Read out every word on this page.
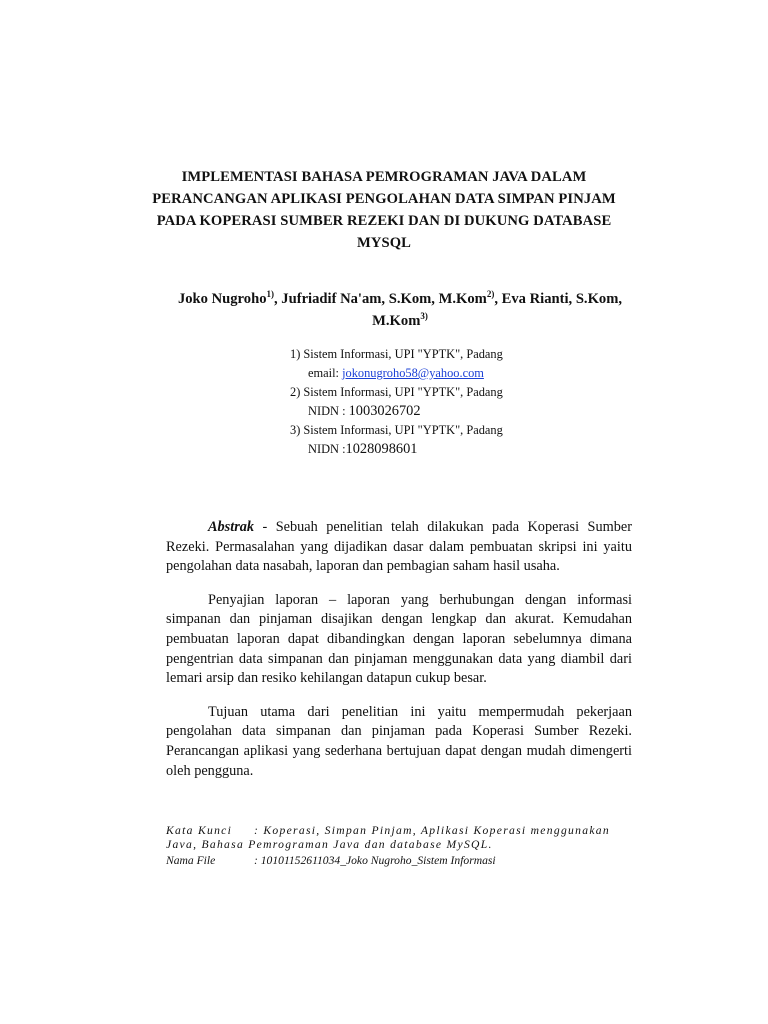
IMPLEMENTASI BAHASA PEMROGRAMAN JAVA DALAM
PERANCANGAN APLIKASI PENGOLAHAN DATA SIMPAN PINJAM
PADA KOPERASI SUMBER REZEKI DAN DI DUKUNG DATABASE
MYSQL
Joko Nugroho$^{1)}$, Jufriadif Na'am, S.Kom, M.Kom$^{2)}$, Eva Rianti, S.Kom,
M.Kom$^{3)}$
1) Sistem Informasi, UPI "YPTK", Padang
email: jokonugroho58@yahoo.com
2) Sistem Informasi, UPI "YPTK", Padang
NIDN : 1003026702
3) Sistem Informasi, UPI "YPTK", Padang
NIDN :1028098601

Abstrak - Sebuah penelitian telah dilakukan pada Koperasi Sumber Rezeki. Permasalahan yang dijadikan dasar dalam pembuatan skripsi ini yaitu pengolahan data nasabah, laporan dan pembagian saham hasil usaha.

Penyajian laporan – laporan yang berhubungan dengan informasi simpanan dan pinjaman disajikan dengan lengkap dan akurat. Kemudahan pembuatan laporan dapat dibandingkan dengan laporan sebelumnya dimana pengentrian data simpanan dan pinjaman menggunakan data yang diambil dari lemari arsip dan resiko kehilangan datapun cukup besar.

Tujuan utama dari penelitian ini yaitu mempermudah pekerjaan pengolahan data simpanan dan pinjaman pada Koperasi Sumber Rezeki. Perancangan aplikasi yang sederhana bertujuan dapat dengan mudah dimengerti oleh pengguna.

Kata Kunci : Koperasi, Simpan Pinjam, Aplikasi Koperasi menggunakan
Java, Bahasa Pemrograman Java dan database MySQL.
Nama File	: 10101152611034_Joko Nugroho_Sistem Informasi
